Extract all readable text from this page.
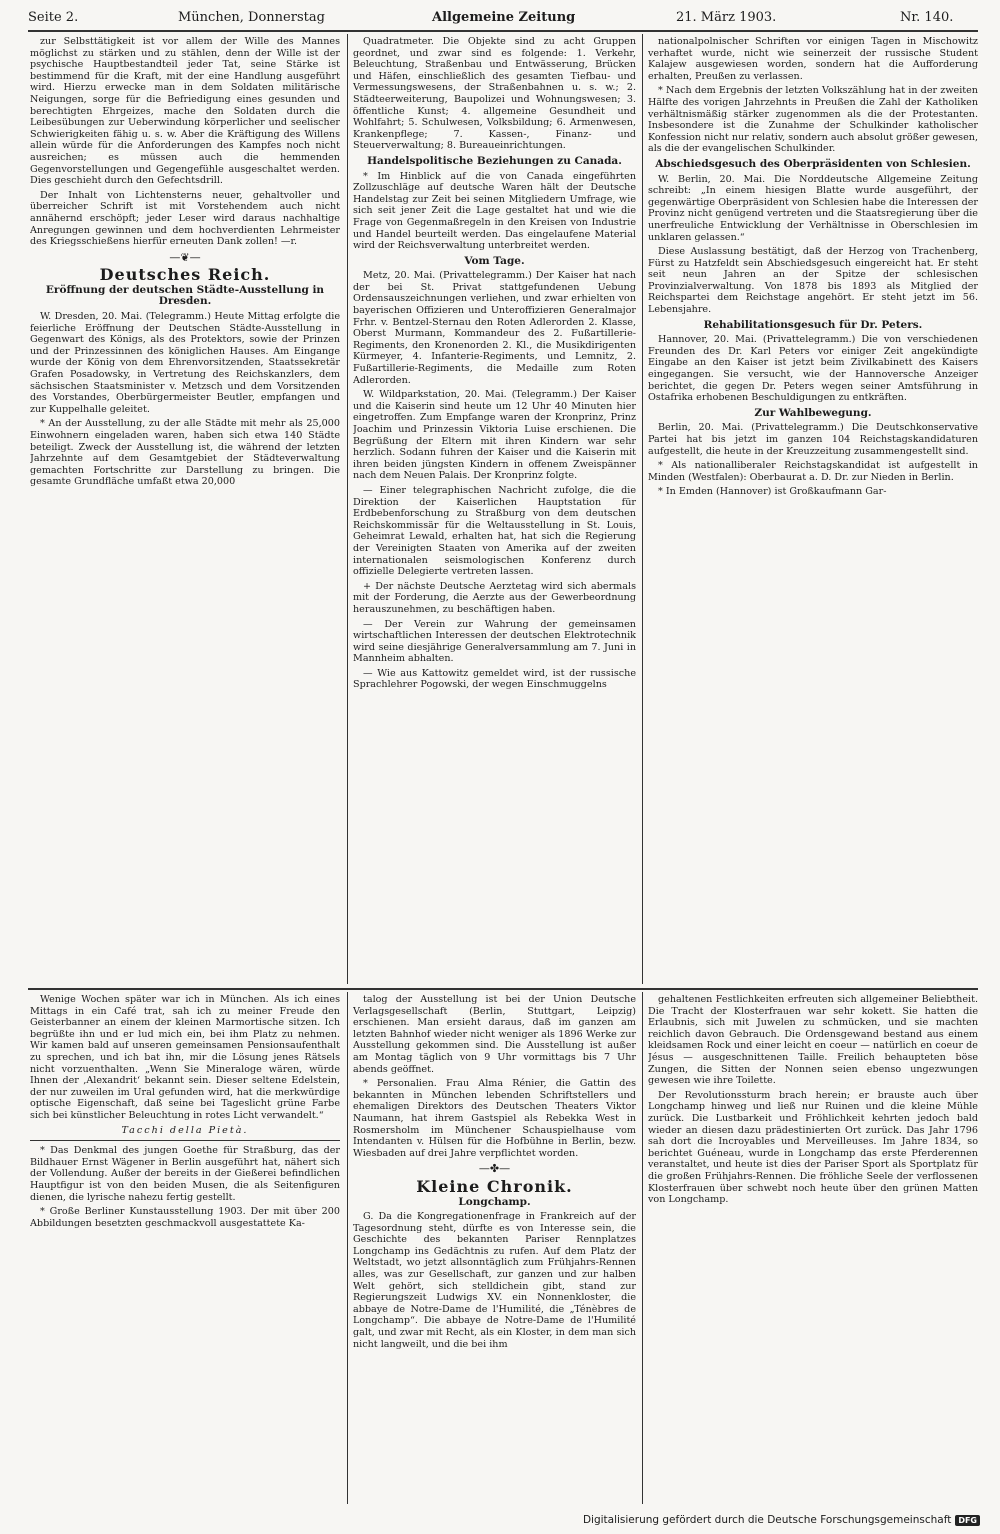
Seite 2.	München, Donnerstag	Allgemeine Zeitung	21. März 1903.	Nr. 140.

zur Selbsttätigkeit ist vor allem der Wille des Mannes möglichst zu stärken und zu stählen, denn der Wille ist der psychische Hauptbestandteil jeder Tat, seine Stärke ist bestimmend für die Kraft, mit der eine Handlung ausgeführt wird. Hierzu erwecke man in dem Soldaten militärische Neigungen, sorge für die Befriedigung eines gesunden und berechtigten Ehrgeizes, mache den Soldaten durch die Leibesübungen zur Ueberwindung körperlicher und seelischer Schwierigkeiten fähig u. s. w. Aber die Kräftigung des Willens allein würde für die Anforderungen des Kampfes noch nicht ausreichen; es müssen auch die hemmenden Gegenvorstellungen und Gegengefühle ausgeschaltet werden. Dies geschieht durch den Gefechtsdrill.

Der Inhalt von Lichtensterns neuer, gehaltvoller und überreicher Schrift ist mit Vorstehendem auch nicht annähernd erschöpft; jeder Leser wird daraus nachhaltige Anregungen gewinnen und dem hochverdienten Lehrmeister des Kriegsschießens hierfür erneuten Dank zollen! —r.

—❦—
Deutsches Reich.
Eröffnung der deutschen Städte-Ausstellung in Dresden.

W. Dresden, 20. Mai. (Telegramm.) Heute Mittag erfolgte die feierliche Eröffnung der Deutschen Städte-Ausstellung in Gegenwart des Königs, als des Protektors, sowie der Prinzen und der Prinzessinnen des königlichen Hauses. Am Eingange wurde der König von dem Ehrenvorsitzenden, Staatssekretär Grafen Posadowsky, in Vertretung des Reichskanzlers, dem sächsischen Staatsminister v. Metzsch und dem Vorsitzenden des Vorstandes, Oberbürgermeister Beutler, empfangen und zur Kuppelhalle geleitet.

* An der Ausstellung, zu der alle Städte mit mehr als 25,000 Einwohnern eingeladen waren, haben sich etwa 140 Städte beteiligt. Zweck der Ausstellung ist, die während der letzten Jahrzehnte auf dem Gesamtgebiet der Städteverwaltung gemachten Fortschritte zur Darstellung zu bringen. Die gesamte Grundfläche umfaßt etwa 20,000

Quadratmeter. Die Objekte sind zu acht Gruppen geordnet, und zwar sind es folgende: 1. Verkehr, Beleuchtung, Straßenbau und Entwässerung, Brücken und Häfen, einschließlich des gesamten Tiefbau- und Vermessungswesens, der Straßenbahnen u. s. w.; 2. Städteerweiterung, Baupolizei und Wohnungswesen; 3. öffentliche Kunst; 4. allgemeine Gesundheit und Wohlfahrt; 5. Schulwesen, Volksbildung; 6. Armenwesen, Krankenpflege; 7. Kassen-, Finanz- und Steuerverwaltung; 8. Bureaueinrichtungen.

Handelspolitische Beziehungen zu Canada.

* Im Hinblick auf die von Canada eingeführten Zollzuschläge auf deutsche Waren hält der Deutsche Handelstag zur Zeit bei seinen Mitgliedern Umfrage, wie sich seit jener Zeit die Lage gestaltet hat und wie die Frage von Gegenmaßregeln in den Kreisen von Industrie und Handel beurteilt werden. Das eingelaufene Material wird der Reichsverwaltung unterbreitet werden.

Vom Tage.

Metz, 20. Mai. (Privattelegramm.) Der Kaiser hat nach der bei St. Privat stattgefundenen Uebung Ordensauszeichnungen verliehen, und zwar erhielten von bayerischen Offizieren und Unteroffizieren Generalmajor Frhr. v. Bentzel-Sternau den Roten Adlerorden 2. Klasse, Oberst Murmann, Kommandeur des 2. Fußartillerie-Regiments, den Kronenorden 2. Kl., die Musikdirigenten Kürmeyer, 4. Infanterie-Regiments, und Lemnitz, 2. Fußartillerie-Regiments, die Medaille zum Roten Adlerorden.

W. Wildparkstation, 20. Mai. (Telegramm.) Der Kaiser und die Kaiserin sind heute um 12 Uhr 40 Minuten hier eingetroffen. Zum Empfange waren der Kronprinz, Prinz Joachim und Prinzessin Viktoria Luise erschienen. Die Begrüßung der Eltern mit ihren Kindern war sehr herzlich. Sodann fuhren der Kaiser und die Kaiserin mit ihren beiden jüngsten Kindern in offenem Zweispänner nach dem Neuen Palais. Der Kronprinz folgte.

— Einer telegraphischen Nachricht zufolge, die die Direktion der Kaiserlichen Hauptstation für Erdbebenforschung zu Straßburg von dem deutschen Reichskommissär für die Weltausstellung in St. Louis, Geheimrat Lewald, erhalten hat, hat sich die Regierung der Vereinigten Staaten von Amerika auf der zweiten internationalen seismologischen Konferenz durch offizielle Delegierte vertreten lassen.

+ Der nächste Deutsche Aerztetag wird sich abermals mit der Forderung, die Aerzte aus der Gewerbeordnung herauszunehmen, zu beschäftigen haben.

— Der Verein zur Wahrung der gemeinsamen wirtschaftlichen Interessen der deutschen Elektrotechnik wird seine diesjährige Generalversammlung am 7. Juni in Mannheim abhalten.

— Wie aus Kattowitz gemeldet wird, ist der russische Sprachlehrer Pogowski, der wegen Einschmuggelns

nationalpolnischer Schriften vor einigen Tagen in Mischowitz verhaftet wurde, nicht wie seinerzeit der russische Student Kalajew ausgewiesen worden, sondern hat die Aufforderung erhalten, Preußen zu verlassen.

* Nach dem Ergebnis der letzten Volkszählung hat in der zweiten Hälfte des vorigen Jahrzehnts in Preußen die Zahl der Katholiken verhältnismäßig stärker zugenommen als die der Protestanten. Insbesondere ist die Zunahme der Schulkinder katholischer Konfession nicht nur relativ, sondern auch absolut größer gewesen, als die der evangelischen Schulkinder.

Abschiedsgesuch des Oberpräsidenten von Schlesien.

W. Berlin, 20. Mai. Die Norddeutsche Allgemeine Zeitung schreibt: „In einem hiesigen Blatte wurde ausgeführt, der gegenwärtige Oberpräsident von Schlesien habe die Interessen der Provinz nicht genügend vertreten und die Staatsregierung über die unerfreuliche Entwicklung der Verhältnisse in Oberschlesien im unklaren gelassen.“

Diese Auslassung bestätigt, daß der Herzog von Trachenberg, Fürst zu Hatzfeldt sein Abschiedsgesuch eingereicht hat. Er steht seit neun Jahren an der Spitze der schlesischen Provinzialverwaltung. Von 1878 bis 1893 als Mitglied der Reichspartei dem Reichstage angehört. Er steht jetzt im 56. Lebensjahre.

Rehabilitationsgesuch für Dr. Peters.

Hannover, 20. Mai. (Privattelegramm.) Die von verschiedenen Freunden des Dr. Karl Peters vor einiger Zeit angekündigte Eingabe an den Kaiser ist jetzt beim Zivilkabinett des Kaisers eingegangen. Sie versucht, wie der Hannoversche Anzeiger berichtet, die gegen Dr. Peters wegen seiner Amtsführung in Ostafrika erhobenen Beschuldigungen zu entkräften.

Zur Wahlbewegung.

Berlin, 20. Mai. (Privattelegramm.) Die Deutschkonservative Partei hat bis jetzt im ganzen 104 Reichstagskandidaturen aufgestellt, die heute in der Kreuzzeitung zusammengestellt sind.

* Als nationalliberaler Reichstagskandidat ist aufgestellt in Minden (Westfalen): Oberbaurat a. D. Dr. zur Nieden in Berlin.

* In Emden (Hannover) ist Großkaufmann Gar-

Wenige Wochen später war ich in München. Als ich eines Mittags in ein Café trat, sah ich zu meiner Freude den Geisterbanner an einem der kleinen Marmortische sitzen. Ich begrüßte ihn und er lud mich ein, bei ihm Platz zu nehmen. Wir kamen bald auf unseren gemeinsamen Pensionsaufenthalt zu sprechen, und ich bat ihn, mir die Lösung jenes Rätsels nicht vorzuenthalten. „Wenn Sie Mineraloge wären, würde Ihnen der ‚Alexandrit‘ bekannt sein. Dieser seltene Edelstein, der nur zuweilen im Ural gefunden wird, hat die merkwürdige optische Eigenschaft, daß seine bei Tageslicht grüne Farbe sich bei künstlicher Beleuchtung in rotes Licht verwandelt.“

Tacchi della Pietà.

* Das Denkmal des jungen Goethe für Straßburg, das der Bildhauer Ernst Wägener in Berlin ausgeführt hat, nähert sich der Vollendung. Außer der bereits in der Gießerei befindlichen Hauptfigur ist von den beiden Musen, die als Seitenfiguren dienen, die lyrische nahezu fertig gestellt.

* Große Berliner Kunstausstellung 1903. Der mit über 200 Abbildungen besetzten geschmackvoll ausgestattete Ka-

talog der Ausstellung ist bei der Union Deutsche Verlagsgesellschaft (Berlin, Stuttgart, Leipzig) erschienen. Man ersieht daraus, daß im ganzen am letzten Bahnhof wieder nicht weniger als 1896 Werke zur Ausstellung gekommen sind. Die Ausstellung ist außer am Montag täglich von 9 Uhr vormittags bis 7 Uhr abends geöffnet.

* Personalien. Frau Alma Rénier, die Gattin des bekannten in München lebenden Schriftstellers und ehemaligen Direktors des Deutschen Theaters Viktor Naumann, hat ihrem Gastspiel als Rebekka West in Rosmersholm im Münchener Schauspielhause vom Intendanten v. Hülsen für die Hofbühne in Berlin, bezw. Wiesbaden auf drei Jahre verpflichtet worden.

—✤—
Kleine Chronik.
Longchamp.

G. Da die Kongregationenfrage in Frankreich auf der Tagesordnung steht, dürfte es von Interesse sein, die Geschichte des bekannten Pariser Rennplatzes Longchamp ins Gedächtnis zu rufen. Auf dem Platz der Weltstadt, wo jetzt allsonntäglich zum Frühjahrs-Rennen alles, was zur Gesellschaft, zur ganzen und zur halben Welt gehört, sich stelldichein gibt, stand zur Regierungszeit Ludwigs XV. ein Nonnenkloster, die abbaye de Notre-Dame de l'Humilité, die „Ténèbres de Longchamp“. Die abbaye de Notre-Dame de l'Humilité galt, und zwar mit Recht, als ein Kloster, in dem man sich nicht langweilt, und die bei ihm

gehaltenen Festlichkeiten erfreuten sich allgemeiner Beliebtheit. Die Tracht der Klosterfrauen war sehr kokett. Sie hatten die Erlaubnis, sich mit Juwelen zu schmücken, und sie machten reichlich davon Gebrauch. Die Ordensgewand bestand aus einem kleidsamen Rock und einer leicht en coeur — natürlich en coeur de Jésus — ausgeschnittenen Taille. Freilich behaupteten böse Zungen, die Sitten der Nonnen seien ebenso ungezwungen gewesen wie ihre Toilette.

Der Revolutionssturm brach herein; er brauste auch über Longchamp hinweg und ließ nur Ruinen und die kleine Mühle zurück. Die Lustbarkeit und Fröhlichkeit kehrten jedoch bald wieder an diesen dazu prädestinierten Ort zurück. Das Jahr 1796 sah dort die Incroyables und Merveilleuses. Im Jahre 1834, so berichtet Guéneau, wurde in Longchamp das erste Pferderennen veranstaltet, und heute ist dies der Pariser Sport als Sportplatz für die großen Frühjahrs-Rennen. Die fröhliche Seele der verflossenen Klosterfrauen über schwebt noch heute über den grünen Matten von Longchamp.

Digitalisierung gefördert durch die Deutsche Forschungsgemeinschaft DFG
